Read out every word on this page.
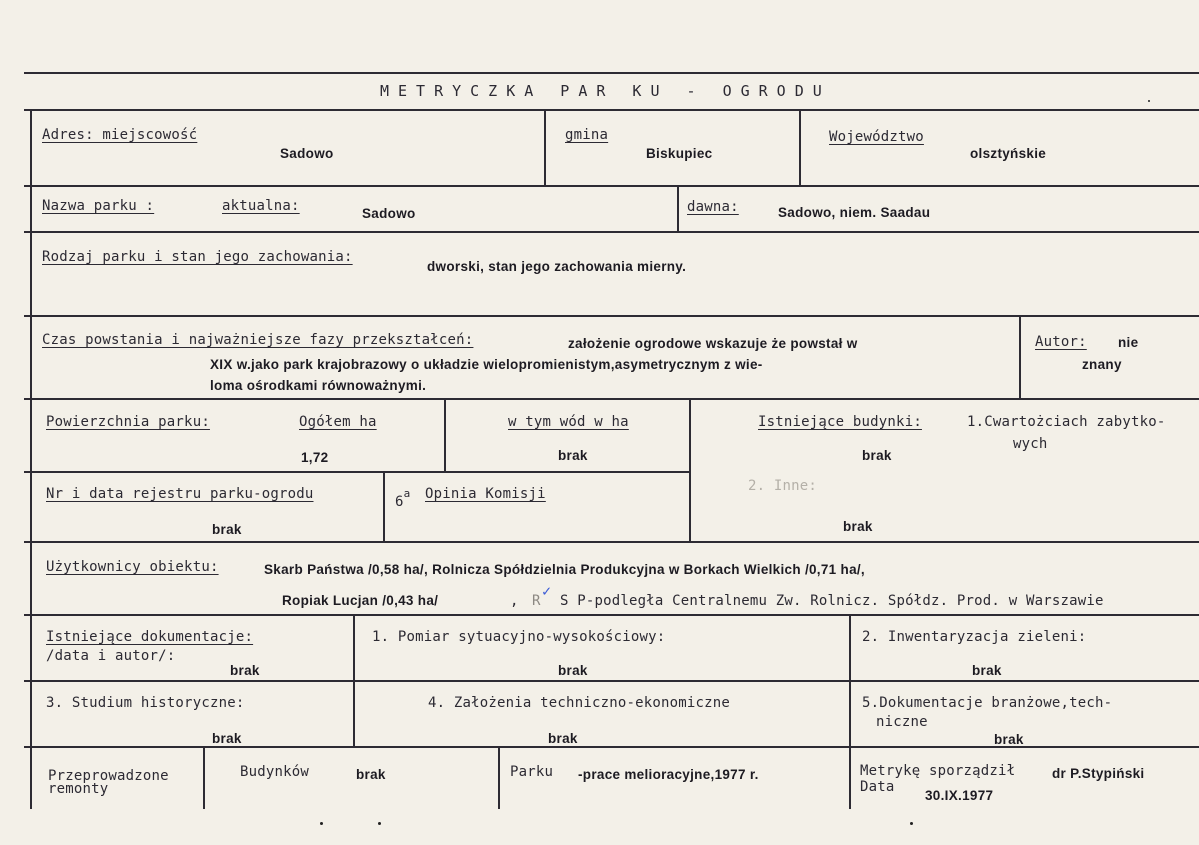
METRYCZKA PAR KU - OGRODU
Adres: miejscowość
Sadowo
gmina
Biskupiec
Województwo
olsztyńskie
Nazwa parku :	aktualna:	Sadowo	dawna:	Sadowo, niem. Saadau
Rodzaj parku i stan jego zachowania:
dworski, stan jego zachowania mierny.
Czas powstania i najważniejsze fazy przekształceń:	założenie ogrodowe wskazuje że powstał w
XIX w.jako park krajobrazowy o układzie wielopromienistym,asymetrycznym z wie-
loma ośrodkami równoważnymi.
Autor: nie
znany
Powierzchnia parku:	Ogółem ha
1,72
w tym wód w ha
brak
Istniejące budynki:	1.Cwartożciach zabytko-
wych
brak
Nr i data rejestru parku-ogrodu
brak
6$^a$ Opinia Komisji	2. Inne:
brak
Użytkownicy obiektu:	Skarb Państwa /0,58 ha/, Rolnicza Spółdzielnia Produkcyjna w Borkach Wielkich /0,71 ha/,
Ropiak Lucjan /0,43 ha/	, R
✓
S P-podległa Centralnemu Zw. Rolnicz. Spółdz. Prod. w Warszawie
Istniejące dokumentacje:
/data i autor/:
brak
1. Pomiar sytuacyjno-wysokościowy:
brak
2. Inwentaryzacja zieleni:
brak
3. Studium historyczne:
brak
4. Założenia techniczno-ekonomiczne
brak
5.Dokumentacje branżowe,tech-
niczne
brak
Przeprowadzone
remonty
Budynków	brak	Parku -prace melioracyjne,1977 r.	Metrykę sporządził	dr P.Stypiński
Data
30.IX.1977
